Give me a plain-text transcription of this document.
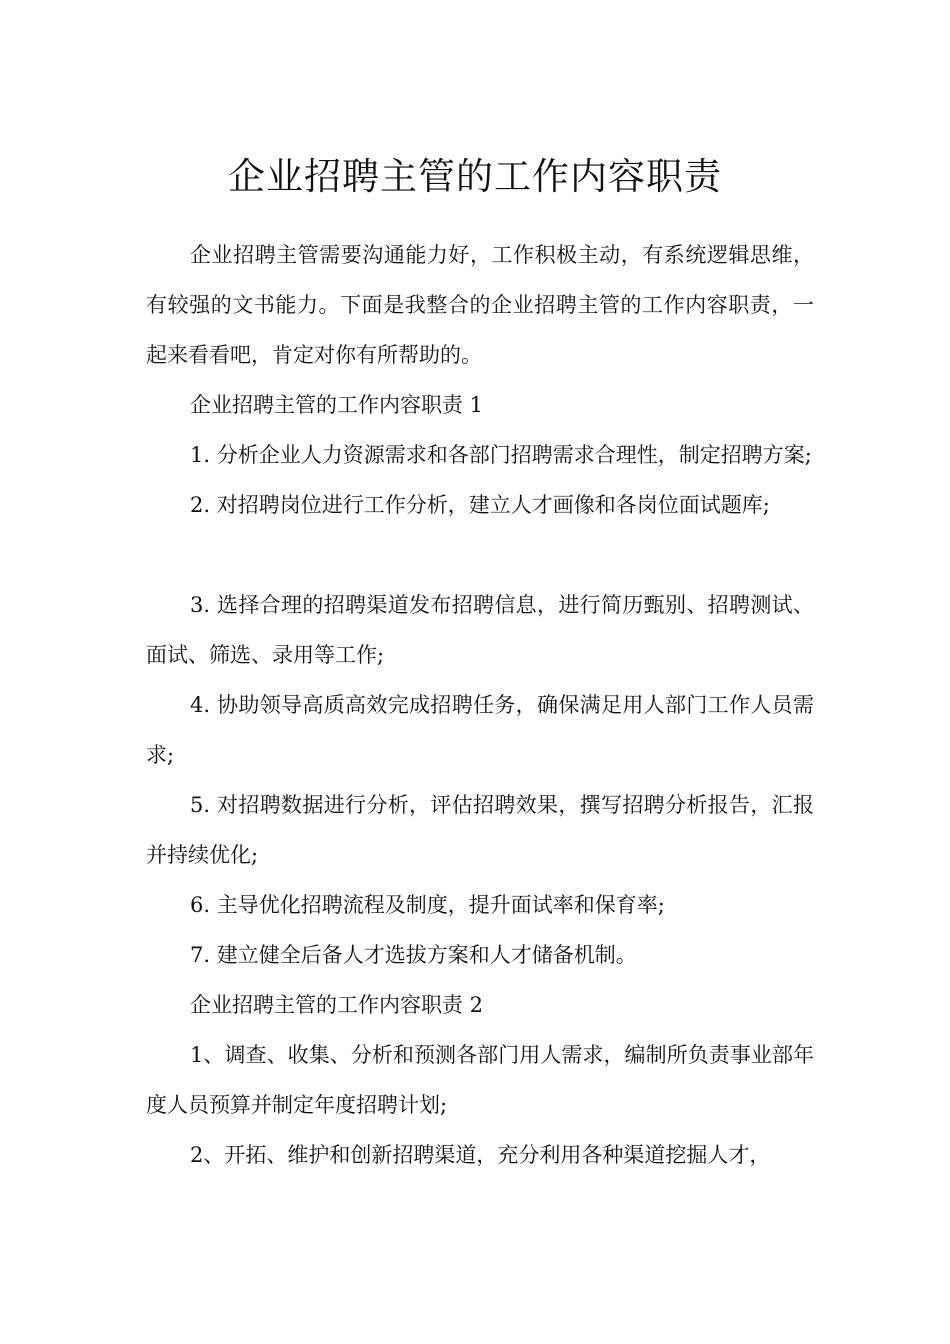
企业招聘主管的工作内容职责

企业招聘主管需要沟通能力好，工作积极主动，有系统逻辑思维，有较强的文书能力。下面是我整合的企业招聘主管的工作内容职责，一起来看看吧，肯定对你有所帮助的。

企业招聘主管的工作内容职责 1

1. 分析企业人力资源需求和各部门招聘需求合理性，制定招聘方案;

2. 对招聘岗位进行工作分析，建立人才画像和各岗位面试题库;

3. 选择合理的招聘渠道发布招聘信息，进行简历甄别、招聘测试、面试、筛选、录用等工作;

4. 协助领导高质高效完成招聘任务，确保满足用人部门工作人员需求;

5. 对招聘数据进行分析，评估招聘效果，撰写招聘分析报告，汇报并持续优化;

6. 主导优化招聘流程及制度，提升面试率和保育率;

7. 建立健全后备人才选拔方案和人才储备机制。

企业招聘主管的工作内容职责 2

1、调查、收集、分析和预测各部门用人需求，编制所负责事业部年度人员预算并制定年度招聘计划;

2、开拓、维护和创新招聘渠道，充分利用各种渠道挖掘人才，
